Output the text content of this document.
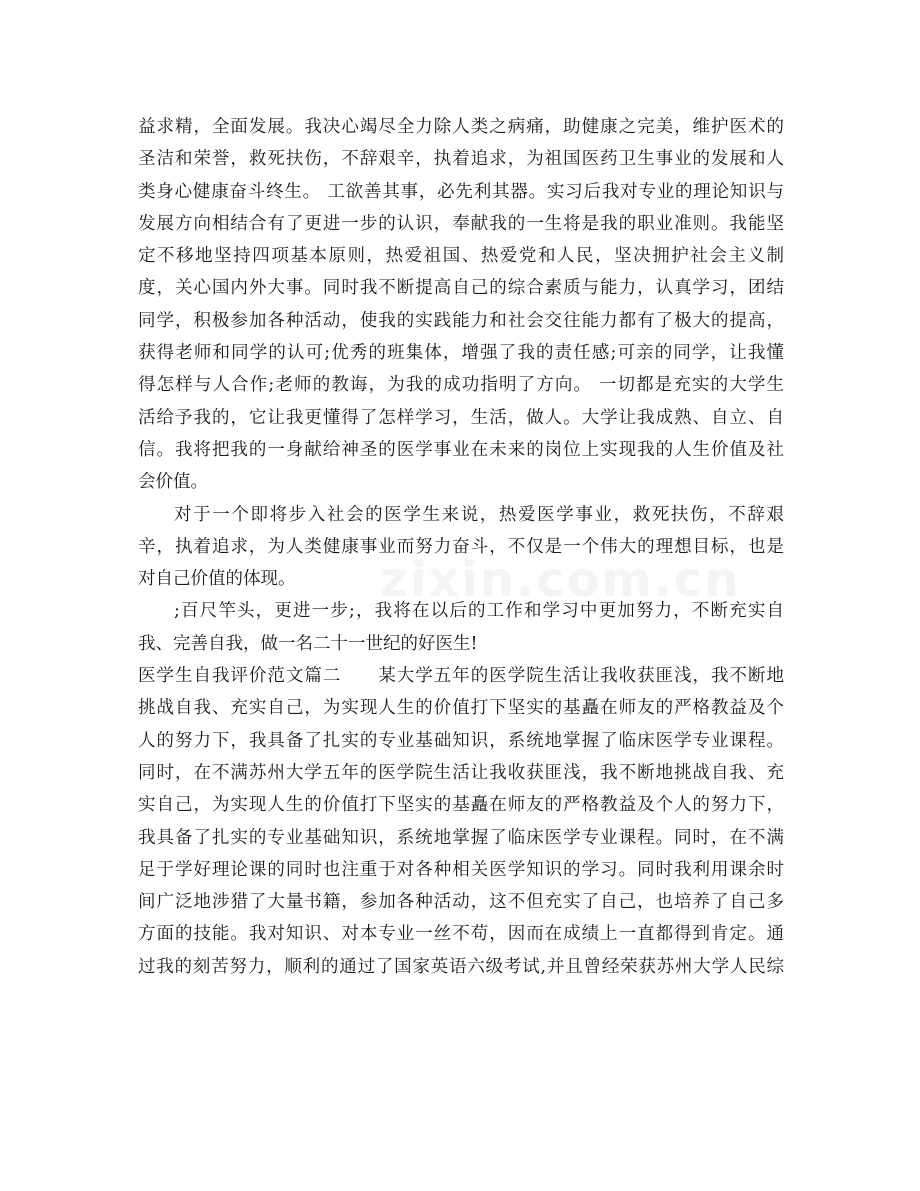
益求精，全面发展。我决心竭尽全力除人类之病痛，助健康之完美，维护医术的
圣洁和荣誉，救死扶伤，不辞艰辛，执着追求，为祖国医药卫生事业的发展和人
类身心健康奋斗终生。 工欲善其事，必先利其器。实习后我对专业的理论知识与
发展方向相结合有了更进一步的认识，奉献我的一生将是我的职业准则。我能坚
定不移地坚持四项基本原则，热爱祖国、热爱党和人民，坚决拥护社会主义制
度，关心国内外大事。同时我不断提高自己的综合素质与能力，认真学习，团结
同学，积极参加各种活动，使我的实践能力和社会交往能力都有了极大的提高，
获得老师和同学的认可;优秀的班集体，增强了我的责任感;可亲的同学，让我懂
得怎样与人合作;老师的教诲，为我的成功指明了方向。 一切都是充实的大学生
活给予我的，它让我更懂得了怎样学习，生活，做人。大学让我成熟、自立、自
信。我将把我的一身献给神圣的医学事业在未来的岗位上实现我的人生价值及社
会价值。
对于一个即将步入社会的医学生来说，热爱医学事业，救死扶伤，不辞艰
辛，执着追求，为人类健康事业而努力奋斗，不仅是一个伟大的理想目标，也是
对自己价值的体现。
;百尺竿头，更进一步;，我将在以后的工作和学习中更加努力，不断充实自
我、完善自我，做一名二十一世纪的好医生!
医学生自我评价范文篇二　　某大学五年的医学院生活让我收获匪浅，我不断地
挑战自我、充实自己，为实现人生的价值打下坚实的基矗在师友的严格教益及个
人的努力下，我具备了扎实的专业基础知识，系统地掌握了临床医学专业课程。
同时，在不满苏州大学五年的医学院生活让我收获匪浅，我不断地挑战自我、充
实自己，为实现人生的价值打下坚实的基矗在师友的严格教益及个人的努力下，
我具备了扎实的专业基础知识，系统地掌握了临床医学专业课程。同时，在不满
足于学好理论课的同时也注重于对各种相关医学知识的学习。同时我利用课余时
间广泛地涉猎了大量书籍，参加各种活动，这不但充实了自己，也培养了自己多
方面的技能。我对知识、对本专业一丝不苟，因而在成绩上一直都得到肯定。通
过我的刻苦努力，顺利的通过了国家英语六级考试,并且曾经荣获苏州大学人民综
